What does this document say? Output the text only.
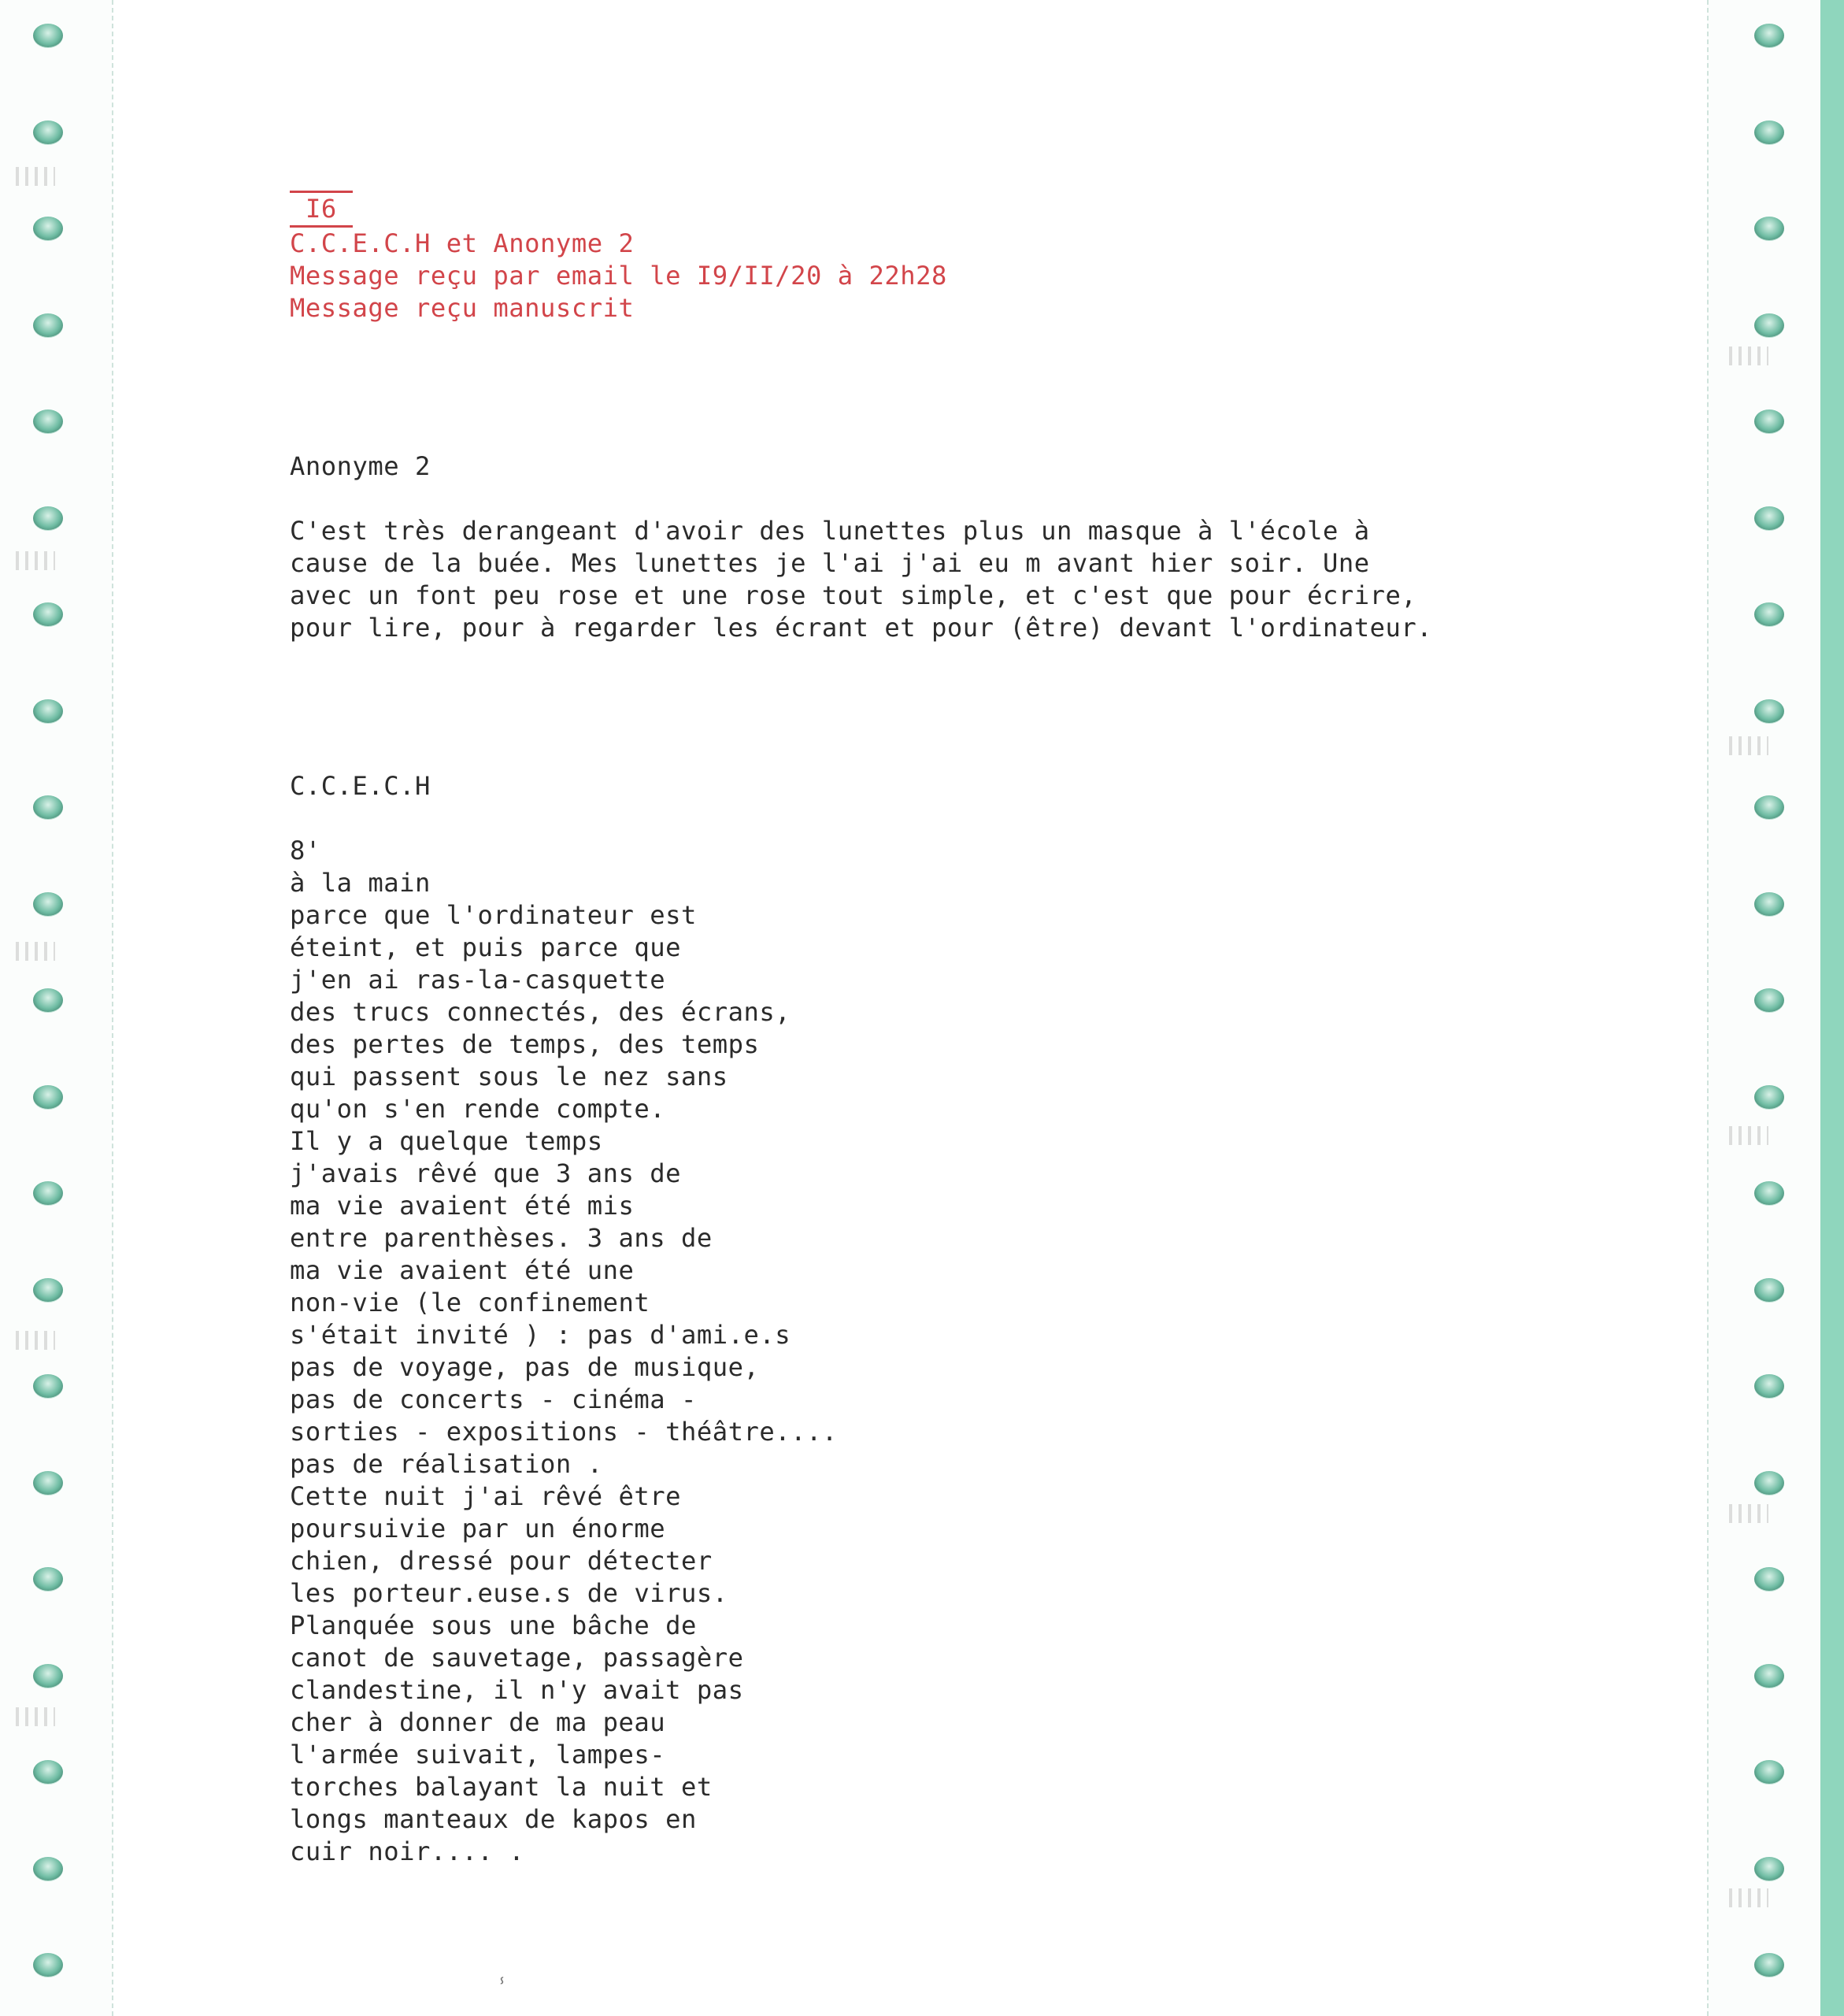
I6
C.C.E.C.H et Anonyme 2
Message reçu par email le I9/II/20 à 22h28
Message reçu manuscrit
Anonyme 2
C'est très derangeant d'avoir des lunettes plus un masque à l'école à
cause de la buée. Mes lunettes je l'ai j'ai eu m avant hier soir. Une
avec un font peu rose et une rose tout simple, et c'est que pour écrire,
pour lire, pour à regarder les écrant et pour (être) devant l'ordinateur.
C.C.E.C.H
8'
à la main
parce que l'ordinateur est
éteint, et puis parce que
j'en ai ras-la-casquette
des trucs connectés, des écrans,
des pertes de temps, des temps
qui passent sous le nez sans
qu'on s'en rende compte.
Il y a quelque temps
j'avais rêvé que 3 ans de
ma vie avaient été mis
entre parenthèses. 3 ans de
ma vie avaient été une
non-vie (le confinement
s'était invité ) : pas d'ami.e.s
pas de voyage, pas de musique,
pas de concerts - cinéma -
sorties - expositions - théâtre....
pas de réalisation .
Cette nuit j'ai rêvé être
poursuivie par un énorme
chien, dressé pour détecter
les porteur.euse.s de virus.
Planquée sous une bâche de
canot de sauvetage, passagère
clandestine, il n'y avait pas
cher à donner de ma peau
l'armée suivait, lampes-
torches balayant la nuit et
longs manteaux de kapos en
cuir noir.... .
ⸯ
